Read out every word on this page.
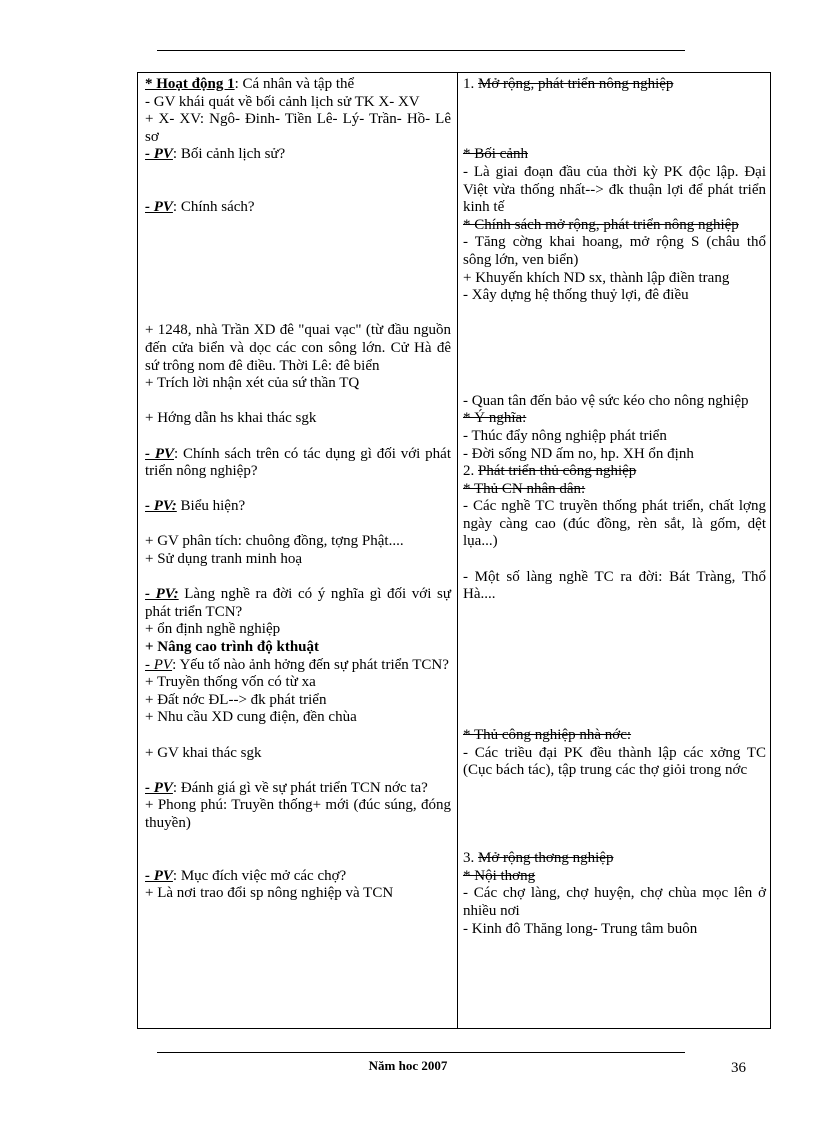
* Hoạt động 1: Cá nhân và tập thể

- GV khái quát về bối cảnh lịch sử TK X- XV

+ X- XV: Ngô- Đinh- Tiền Lê- Lý- Trần- Hồ- Lê sơ

- PV: Bối cảnh lịch sử?

- PV: Chính sách?

+ 1248, nhà Trần XD đê "quai vạc" (từ đầu nguồn đến cửa biển và dọc các con sông lớn. Cử Hà đê sứ trông nom đê điều. Thời Lê: đê biển

+ Trích lời nhận xét của sứ thần TQ

+ Hớng dẫn hs khai thác sgk

- PV: Chính sách trên có tác dụng gì đối với phát triển nông nghiệp?

- PV: Biểu hiện?

+ GV phân tích: chuông đồng, tợng Phật....

+ Sử dụng tranh minh hoạ

- PV: Làng nghề ra đời có ý nghĩa gì đối với sự phát triển TCN?

+ ổn định nghề nghiệp

+ Nâng cao trình độ kthuật

- PV: Yếu tố nào ảnh hởng đến sự phát triển TCN?

+ Truyền thống vốn có từ xa

+ Đất nớc ĐL--> đk phát triển

+ Nhu cầu XD cung điện, đền chùa

+ GV khai thác sgk

- PV: Đánh giá gì về sự phát triển TCN nớc ta?

+ Phong phú: Truyền thống+ mới (đúc súng, đóng thuyền)

- PV: Mục đích việc mở các chợ?

+ Là nơi trao đổi sp nông nghiệp và TCN

1. Mở rộng, phát triển nông nghiệp

* Bối cảnh

- Là giai đoạn đầu của thời kỳ PK độc lập. Đại Việt vừa thống nhất--> đk thuận lợi để phát triển kinh tế

* Chính sách mở rộng, phát triển nông nghiệp

- Tăng cờng khai hoang, mở rộng S (châu thổ sông lớn, ven biển)

+ Khuyến khích ND sx, thành lập điền trang

- Xây dựng hệ thống thuỷ lợi, đê điều

- Quan tân đến bảo vệ sức kéo cho nông nghiệp

* Ý nghĩa:

- Thúc đẩy nông nghiệp phát triển

- Đời sống ND ấm no, hp. XH ổn định

2. Phát triển thủ công nghiệp

* Thủ CN nhân dân:

- Các nghề TC truyền thống phát triển, chất lợng ngày càng cao (đúc đồng, rèn sắt, là gốm, dệt lụa...)

- Một số làng nghề TC ra đời: Bát Tràng, Thổ Hà....

* Thủ công nghiệp nhà nớc:

- Các triều đại PK đều thành lập các xởng TC (Cục bách tác), tập trung các thợ giỏi trong nớc

3. Mở rộng thơng nghiệp

* Nội thơng

- Các chợ làng, chợ huyện, chợ chùa mọc lên ở nhiều nơi

- Kinh đô Thăng long- Trung tâm buôn

Năm hoc 2007	36
